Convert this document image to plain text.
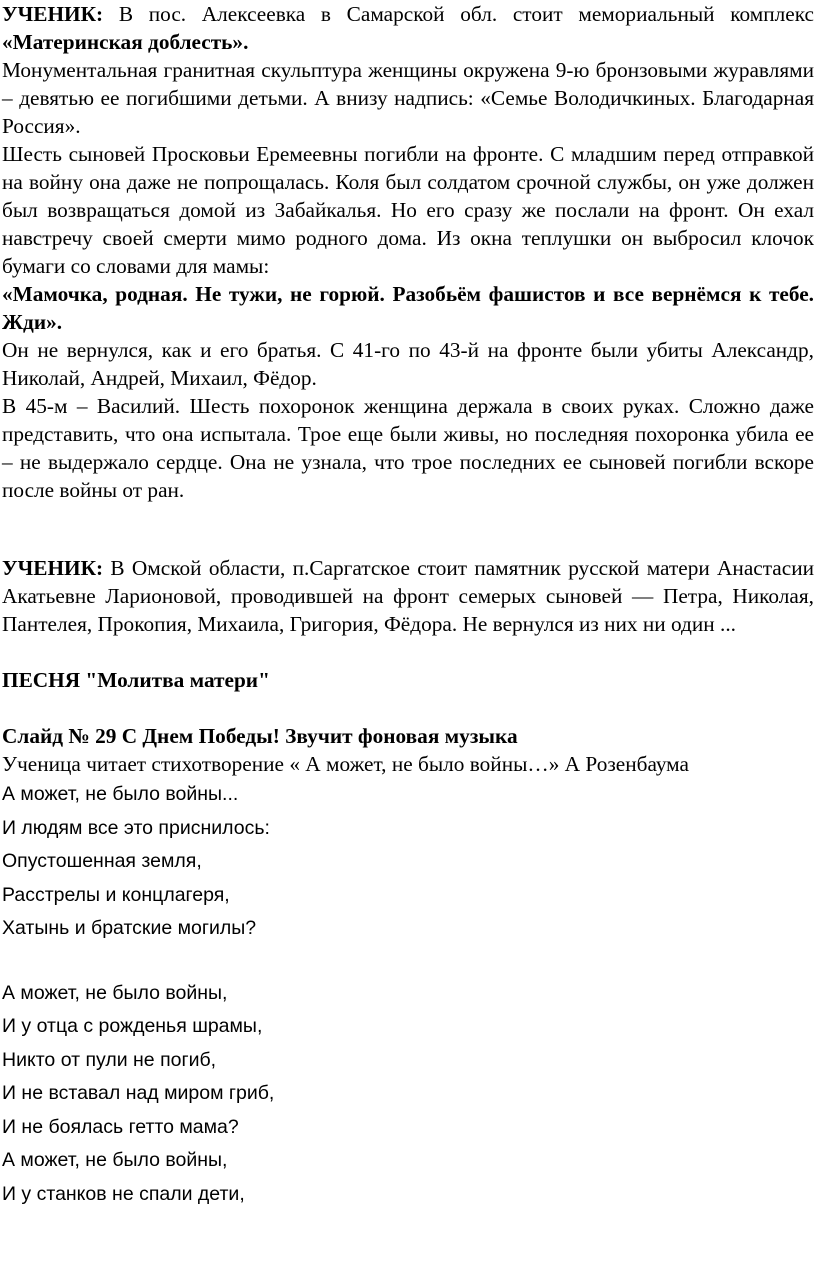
УЧЕНИК: В пос. Алексеевка в Самарской обл. стоит мемориальный комплекс «Материнская доблесть».

Монументальная гранитная скульптура женщины окружена 9-ю бронзовыми журавлями – девятью ее погибшими детьми. А внизу надпись: «Семье Володичкиных. Благодарная Россия».

Шесть сыновей Просковьи Еремеевны погибли на фронте. С младшим перед отправкой на войну она даже не попрощалась. Коля был солдатом срочной службы, он уже должен был возвращаться домой из Забайкалья. Но его сразу же послали на фронт. Он ехал навстречу своей смерти мимо родного дома. Из окна теплушки он выбросил клочок бумаги со словами для мамы:

«Мамочка, родная. Не тужи, не горюй. Разобьём фашистов и все вернёмся к тебе. Жди».

Он не вернулся, как и его братья. С 41-го по 43-й на фронте были убиты Александр, Николай, Андрей, Михаил, Фёдор.

В 45-м – Василий. Шесть похоронок женщина держала в своих руках. Сложно даже представить, что она испытала. Трое еще были живы, но последняя похоронка убила ее – не выдержало сердце. Она не узнала, что трое последних ее сыновей погибли вскоре после войны от ран.

УЧЕНИК: В Омской области, п.Саргатское стоит памятник русской матери Анастасии Акатьевне Ларионовой, проводившей на фронт семерых сыновей — Петра, Николая, Пантелея, Прокопия, Михаила, Григория, Фёдора. Не вернулся из них ни один ...

ПЕСНЯ "Молитва матери"

Слайд № 29 С Днем Победы! Звучит фоновая музыка

Ученица читает стихотворение « А может, не было войны…» А Розенбаума

А может, не было войны...

И людям все это приснилось:

Опустошенная земля,

Расстрелы и концлагеря,

Хатынь и братские могилы?

А может, не было войны,

И у отца с рожденья шрамы,

Никто от пули не погиб,

И не вставал над миром гриб,

И не боялась гетто мама?

А может, не было войны,

И у станков не спали дети,
